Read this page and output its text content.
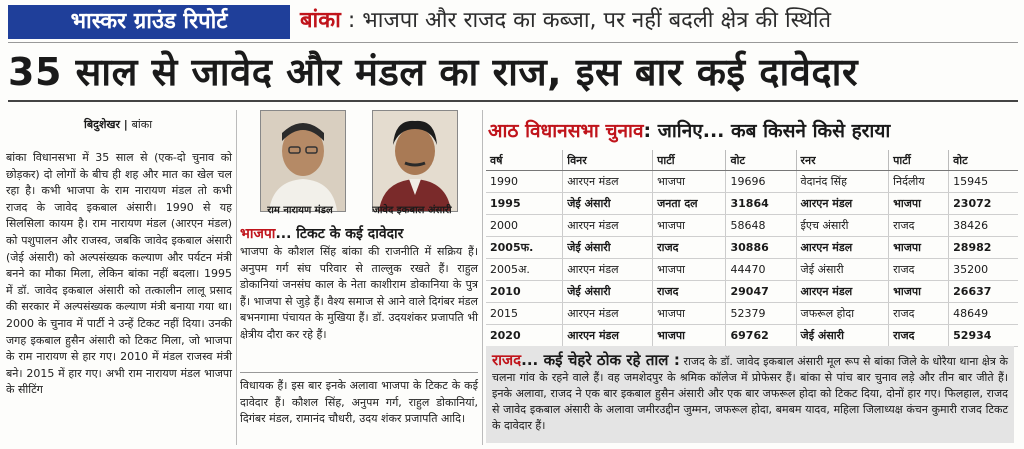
भास्कर ग्राउंड रिपोर्ट	बांका : भाजपा और राजद का कब्जा, पर नहीं बदली क्षेत्र की स्थिति
35 साल से जावेद और मंडल का राज, इस बार कई दावेदार
बिदुशेखर | बांका
बांका विधानसभा में 35 साल से (एक-दो चुनाव को छोड़कर) दो लोगों के बीच ही शह और मात का खेल चल रहा है। कभी भाजपा के राम नारायण मंडल तो कभी राजद के जावेद इकबाल अंसारी। 1990 से यह सिलसिला कायम है। राम नारायण मंडल (आरएन मंडल) को पशुपालन और राजस्व, जबकि जावेद इकबाल अंसारी (जेई अंसारी) को अल्पसंख्यक कल्याण और पर्यटन मंत्री बनने का मौका मिला, लेकिन बांका नहीं बदला। 1995 में डॉ. जावेद इकबाल अंसारी को तत्कालीन लालू प्रसाद की सरकार में अल्पसंख्यक कल्याण मंत्री बनाया गया था। 2000 के चुनाव में पार्टी ने उन्हें टिकट नहीं दिया। उनकी जगह इकबाल हुसैन अंसारी को टिकट मिला, जो भाजपा के राम नारायण से हार गए। 2010 में मंडल राजस्व मंत्री बने। 2015 में हार गए। अभी राम नारायण मंडल भाजपा के सीटिंग
राम नारायण मंडल	जावेद इकबाल अंसारी
भाजपा... टिकट के कई दावेदार
भाजपा के कौशल सिंह बांका की राजनीति में सक्रिय हैं। अनुपम गर्ग संघ परिवार से ताल्लुक रखते हैं। राहुल डोकानियां जनसंघ काल के नेता काशीराम डोकानिया के पुत्र हैं। भाजपा से जुड़े हैं। वैश्य समाज से आने वाले दिगंबर मंडल बभनगामा पंचायत के मुखिया हैं। डॉ. उदयशंकर प्रजापति भी क्षेत्रीय दौरा कर रहे हैं।
विधायक हैं। इस बार इनके अलावा भाजपा के टिकट के कई दावेदार हैं। कौशल सिंह, अनुपम गर्ग, राहुल डोकानियां, दिगंबर मंडल, रामानंद चौधरी, उदय शंकर प्रजापति आदि।
आठ विधानसभा चुनाव: जानिए... कब किसने किसे हराया
वर्ष	विनर	पार्टी	वोट	रनर	पार्टी	वोट
1990	आरएन मंडल	भाजपा	19696	वेदानंद सिंह	निर्दलीय	15945
1995	जेई अंसारी	जनता दल	31864	आरएन मंडल	भाजपा	23072
2000	आरएन मंडल	भाजपा	58648	ईएच अंसारी	राजद	38426
2005फ.	जेई अंसारी	राजद	30886	आरएन मंडल	भाजपा	28982
2005अ.	आरएन मंडल	भाजपा	44470	जेई अंसारी	राजद	35200
2010	जेई अंसारी	राजद	29047	आरएन मंडल	भाजपा	26637
2015	आरएन मंडल	भाजपा	52379	जफरूल होदा	राजद	48649
2020	आरएन मंडल	भाजपा	69762	जेई अंसारी	राजद	52934
राजद... कई चेहरे ठोक रहे ताल : राजद के डॉ. जावेद इकबाल अंसारी मूल रूप से बांका जिले के धोरैया थाना क्षेत्र के चलना गांव के रहने वाले हैं। वह जमशेदपुर के श्रमिक कॉलेज में प्रोफेसर हैं। बांका से पांच बार चुनाव लड़े और तीन बार जीते हैं। इनके अलावा, राजद ने एक बार इकबाल हुसैन अंसारी और एक बार जफरूल होदा को टिकट दिया, दोनों हार गए। फिलहाल, राजद से जावेद इकबाल अंसारी के अलावा जमीरउद्दीन जुम्मन, जफरूल होदा, बमबम यादव, महिला जिलाध्यक्ष कंचन कुमारी राजद टिकट के दावेदार हैं।
